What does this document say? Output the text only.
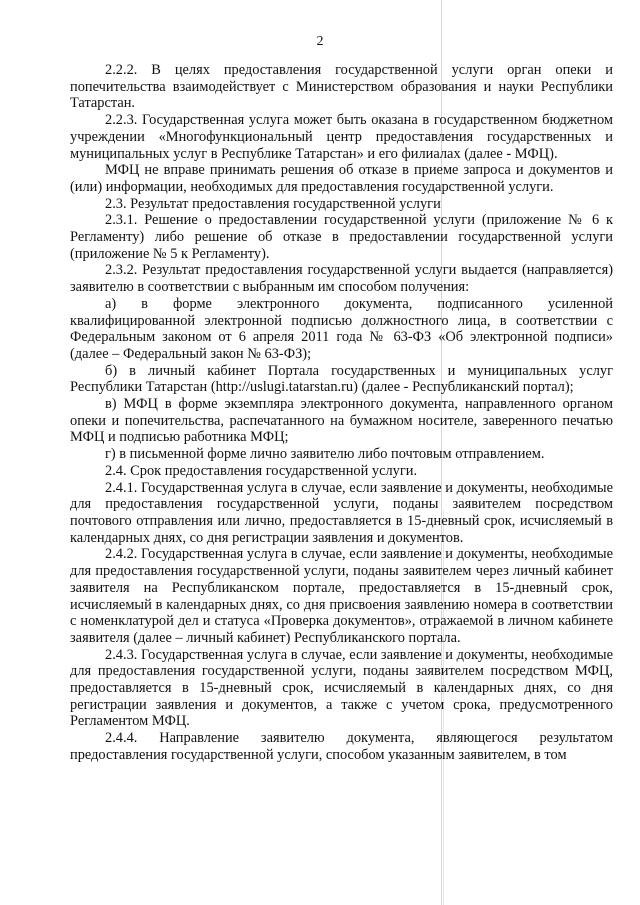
2

2.2.2. В целях предоставления государственной услуги орган опеки и попечительства взаимодействует с Министерством образования и науки Республики Татарстан.

2.2.3. Государственная услуга может быть оказана в государственном бюджетном учреждении «Многофункциональный центр предоставления государственных и муниципальных услуг в Республике Татарстан» и его филиалах (далее - МФЦ).

МФЦ не вправе принимать решения об отказе в приеме запроса и документов и (или) информации, необходимых для предоставления государственной услуги.

2.3. Результат предоставления государственной услуги

2.3.1. Решение о предоставлении государственной услуги (приложение № 6 к Регламенту) либо решение об отказе в предоставлении государственной услуги (приложение № 5 к Регламенту).

2.3.2. Результат предоставления государственной услуги выдается (направляется) заявителю в соответствии с выбранным им способом получения:

а) в форме электронного документа, подписанного усиленной квалифицированной электронной подписью должностного лица, в соответствии с Федеральным законом от 6 апреля 2011 года № 63-ФЗ «Об электронной подписи» (далее – Федеральный закон № 63-ФЗ);

б) в личный кабинет Портала государственных и муниципальных услуг Республики Татарстан (http://uslugi.tatarstan.ru) (далее - Республиканский портал);

в) МФЦ в форме экземпляра электронного документа, направленного органом опеки и попечительства, распечатанного на бумажном носителе, заверенного печатью МФЦ и подписью работника МФЦ;

г) в письменной форме лично заявителю либо почтовым отправлением.

2.4. Срок предоставления государственной услуги.

2.4.1. Государственная услуга в случае, если заявление и документы, необходимые для предоставления государственной услуги, поданы заявителем посредством почтового отправления или лично, предоставляется в 15-дневный срок, исчисляемый в календарных днях, со дня регистрации заявления и документов.

2.4.2. Государственная услуга в случае, если заявление и документы, необходимые для предоставления государственной услуги, поданы заявителем через личный кабинет заявителя на Республиканском портале, предоставляется в 15-дневный срок, исчисляемый в календарных днях, со дня присвоения заявлению номера в соответствии с номенклатурой дел и статуса «Проверка документов», отражаемой в личном кабинете заявителя (далее – личный кабинет) Республиканского портала.

2.4.3. Государственная услуга в случае, если заявление и документы, необходимые для предоставления государственной услуги, поданы заявителем посредством МФЦ, предоставляется в 15-дневный срок, исчисляемый в календарных днях, со дня регистрации заявления и документов, а также с учетом срока, предусмотренного Регламентом МФЦ.

2.4.4. Направление заявителю документа, являющегося результатом предоставления государственной услуги, способом указанным заявителем, в том
